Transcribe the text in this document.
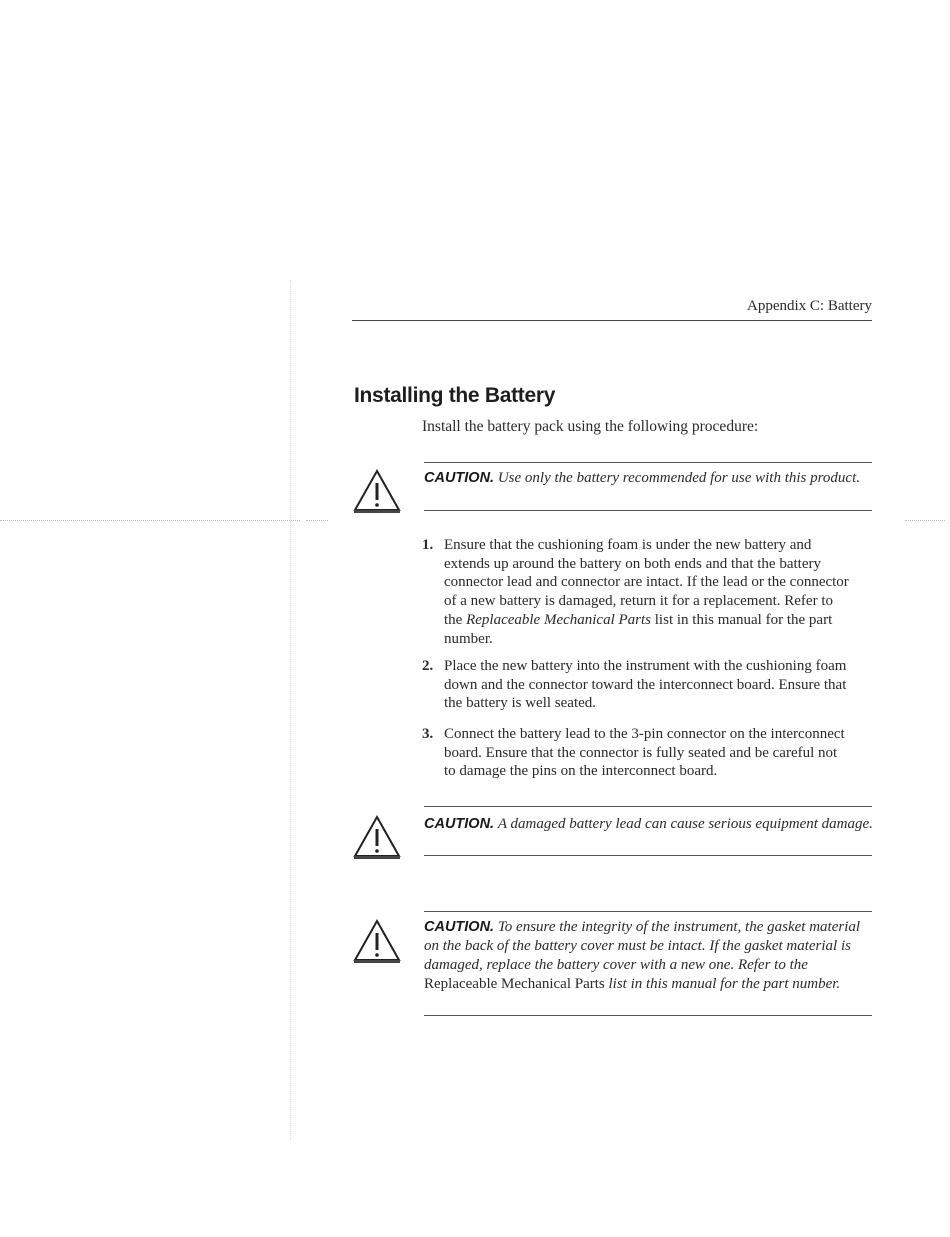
Appendix C: Battery
Installing the Battery
Install the battery pack using the following procedure:
CAUTION. Use only the battery recommended for use with this product.
1. Ensure that the cushioning foam is under the new battery and extends up around the battery on both ends and that the battery connector lead and connector are intact. If the lead or the connector of a new battery is damaged, return it for a replacement. Refer to the Replaceable Mechanical Parts list in this manual for the part number.
2. Place the new battery into the instrument with the cushioning foam down and the connector toward the interconnect board. Ensure that the battery is well seated.
3. Connect the battery lead to the 3-pin connector on the interconnect board. Ensure that the connector is fully seated and be careful not to damage the pins on the interconnect board.
CAUTION. A damaged battery lead can cause serious equipment damage.
CAUTION. To ensure the integrity of the instrument, the gasket material on the back of the battery cover must be intact. If the gasket material is damaged, replace the battery cover with a new one. Refer to the Replaceable Mechanical Parts list in this manual for the part number.
